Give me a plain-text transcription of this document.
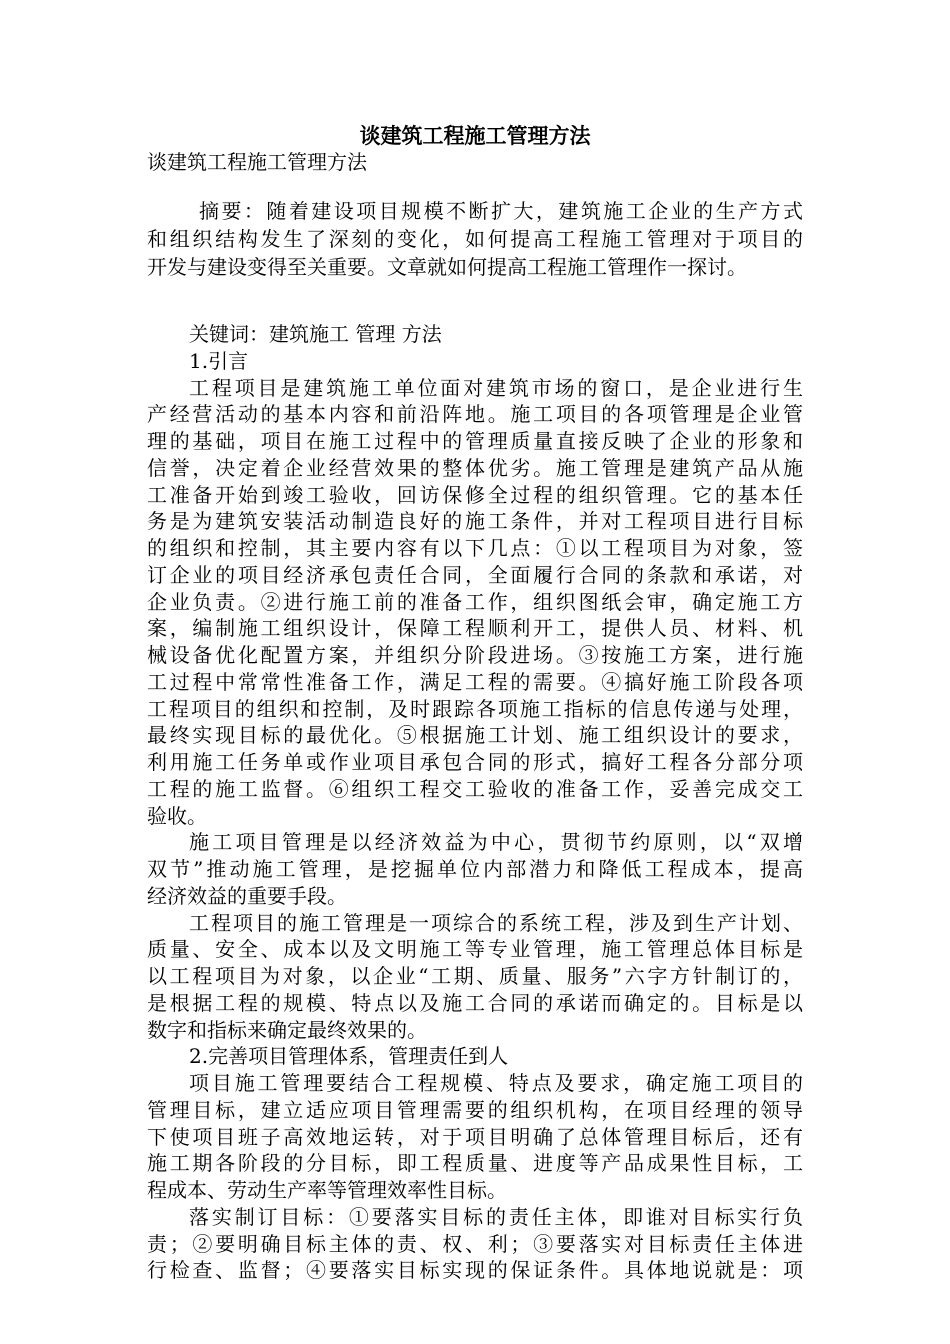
谈建筑工程施工管理方法
谈建筑工程施工管理方法
摘要：随着建设项目规模不断扩大，建筑施工企业的生产方式
和组织结构发生了深刻的变化，如何提高工程施工管理对于项目的
开发与建设变得至关重要。文章就如何提高工程施工管理作一探讨。
关键词：建筑施工 管理 方法
1.引言
工程项目是建筑施工单位面对建筑市场的窗口，是企业进行生
产经营活动的基本内容和前沿阵地。施工项目的各项管理是企业管
理的基础，项目在施工过程中的管理质量直接反映了企业的形象和
信誉，决定着企业经营效果的整体优劣。施工管理是建筑产品从施
工准备开始到竣工验收，回访保修全过程的组织管理。它的基本任
务是为建筑安装活动制造良好的施工条件，并对工程项目进行目标
的组织和控制，其主要内容有以下几点：①以工程项目为对象，签
订企业的项目经济承包责任合同，全面履行合同的条款和承诺，对
企业负责。②进行施工前的准备工作，组织图纸会审，确定施工方
案，编制施工组织设计，保障工程顺利开工，提供人员、材料、机
械设备优化配置方案，并组织分阶段进场。③按施工方案，进行施
工过程中常常性准备工作，满足工程的需要。④搞好施工阶段各项
工程项目的组织和控制，及时跟踪各项施工指标的信息传递与处理，
最终实现目标的最优化。⑤根据施工计划、施工组织设计的要求，
利用施工任务单或作业项目承包合同的形式，搞好工程各分部分项
工程的施工监督。⑥组织工程交工验收的准备工作，妥善完成交工
验收。
施工项目管理是以经济效益为中心，贯彻节约原则，以“双增
双节”推动施工管理，是挖掘单位内部潜力和降低工程成本，提高
经济效益的重要手段。
工程项目的施工管理是一项综合的系统工程，涉及到生产计划、
质量、安全、成本以及文明施工等专业管理，施工管理总体目标是
以工程项目为对象，以企业“工期、质量、服务”六字方针制订的，
是根据工程的规模、特点以及施工合同的承诺而确定的。目标是以
数字和指标来确定最终效果的。
2.完善项目管理体系，管理责任到人
项目施工管理要结合工程规模、特点及要求，确定施工项目的
管理目标，建立适应项目管理需要的组织机构，在项目经理的领导
下使项目班子高效地运转，对于项目明确了总体管理目标后，还有
施工期各阶段的分目标，即工程质量、进度等产品成果性目标，工
程成本、劳动生产率等管理效率性目标。
落实制订目标：①要落实目标的责任主体，即谁对目标实行负
责；②要明确目标主体的责、权、利；③要落实对目标责任主体进
行检查、监督；④要落实目标实现的保证条件。具体地说就是：项
